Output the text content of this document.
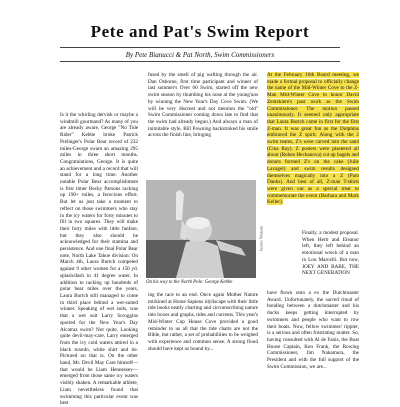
Pete and Pat's Swim Report
By Pete Bianucci & Pat North, Swim Commissioners

Is it the whirling dervish or maybe a windmill gourmand? As many of you are already aware, George "No Tide Rider" Kebbe broke Patrick Prelinger's Polar Bear record of 232 miles-George swam an amazing 295 miles in three short months. Congratulations, George. It is quite an achievement and a record that will stand for a long time. Another notable Polar Bear accomplishment is first timer Becky Parsons racking up 190+ miles, a ferocious effort. But let us just take a moment to reflect on those swimmers who stay in the icy waters for forty minutes to fill in two squares. They will make their forty miles with little fanfare, but they also should be acknowledged for their stamina and persistence. And one final Polar Bear note, North Lake Tahoe division: On March 4th, Laura Burtch competed against 9 other women for a 150 yd. splash/dash in 41 degree water. In addition to racking up hundreds of polar bear miles over the years, Laura Burtch still managed to come in third place behind a wet-suited winner. Speaking of wet suits, was that a wet suit Larry Scroggins sported for the New Year's Day Alcatraz swim? Not quite. Looking quite devil-may-care, Larry emerged from the icy cold waters attired in a black tuxedo, white shirt and tie. Pictured on that is. On the other hand, Mr. Devil May Care himself—that would be Liam Hennessey—emerged from those same icy waters visibly shaken. A remarkable athlete, Liam nevertheless found that swimming this particular event was best

fused by the smell of pig wafting through the air. Dan Osborne, first time participant and winner of last summer's Over 60 Swim, started off the new swim season by thumbing his nose at the young'uns by winning the New Year's Day Cove Swim. (We will be very discreet and not mention the "old" Swim Commissioner coming down late to find that the swim had already begun.) And always a man of inimitable style, Bill Powning backstroked his smile across the finish line, bringing

James Watson
On his way to the North Pole: George Kebbe

ing the race to an end. Once again Mother Nature mirkined at Home Sapiens idyllscape with their little tide books neatly charting and circumscribing nature into boxes and graphs, tides and currents. This year's Mid-Winter Cup House Cove provided a good reminder to us all that the tide charts are not the Bible, but rather, a set of probabilities to be weighed with experience and common sense. A strong flood should have kept us bound by...

At the February 16th Board meeting, we made a formal proposal to officially change the name of the Mid-Winter Cove to the Z-Man Mid-Winter Cove to honor David Zentzkiere's past work as the Swim Commissioner. The motion passed unanimously. It seemed only appropriate that Laura Burtch came in first for the first Z-man. It was great fun as the Dolphins embraced the Z spirit. Along with the 2 swim teams, Z's were carved into the sand (Cina Ray). Z posters were plastered all about (Ruben Hechanova) cut up bagels and donuts formed Z's on the cake (Julie Lavagel) and swim results designed themselves magically into a Z (Pam Danks). And best of all, Z-man T-shirts were given out as a special treat to commemorate the event (Barbara and Mark Keller).

Finally, a modest proposal. When Herb and Eleanor left, they left behind an emotional wreck of a man in Lou Marcelli. But now, JOEY AND BABE, THE NEXT GENERATION

have flown onto a ex the Dutchmaster Award. Unfortunately, the sacred ritual of bonding between a dutchmaster and his ducks keeps getting interrupted by swimmers and people who want to row their boats. Now, fellow swimmer/ rippler, is a serious and often frustrating matter. So, having consulted with Al de Fanis, the Boat House Captain, Ken Frank, the Rowing Commissioner, Jim Nakamura, the President and with the full support of the Swim Commission, we are...
